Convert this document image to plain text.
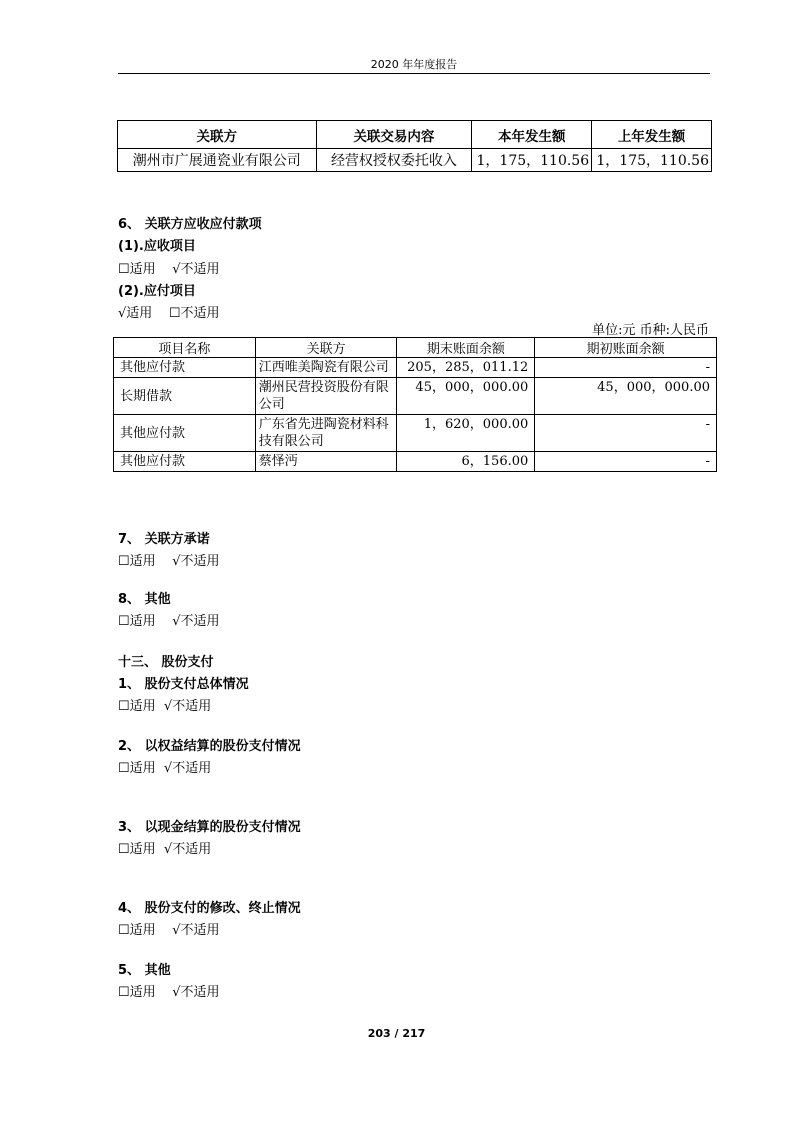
2020 年年度报告
关联方	关联交易内容	本年发生额	上年发生额
潮州市广展通瓷业有限公司	经营权授权委托收入	1，175，110.56	1，175，110.56
6、 关联方应收应付款项
(1).应收项目
☐适用 √不适用
(2).应付项目
√适用 ☐不适用
单位:元 币种:人民币
项目名称	关联方	期末账面余额	期初账面余额
其他应付款	江西唯美陶瓷有限公司	205，285，011.12	-
长期借款	潮州民营投资股份有限公司	45，000，000.00	45，000，000.00
其他应付款	广东省先进陶瓷材料科技有限公司	1，620，000.00	-
其他应付款	蔡怿沔	6，156.00	-
7、 关联方承诺
☐适用 √不适用
8、 其他
☐适用 √不适用
十三、 股份支付
1、 股份支付总体情况
☐适用 √不适用
2、 以权益结算的股份支付情况
☐适用 √不适用
3、 以现金结算的股份支付情况
☐适用 √不适用
4、 股份支付的修改、终止情况
☐适用 √不适用
5、 其他
☐适用 √不适用
203 / 217
